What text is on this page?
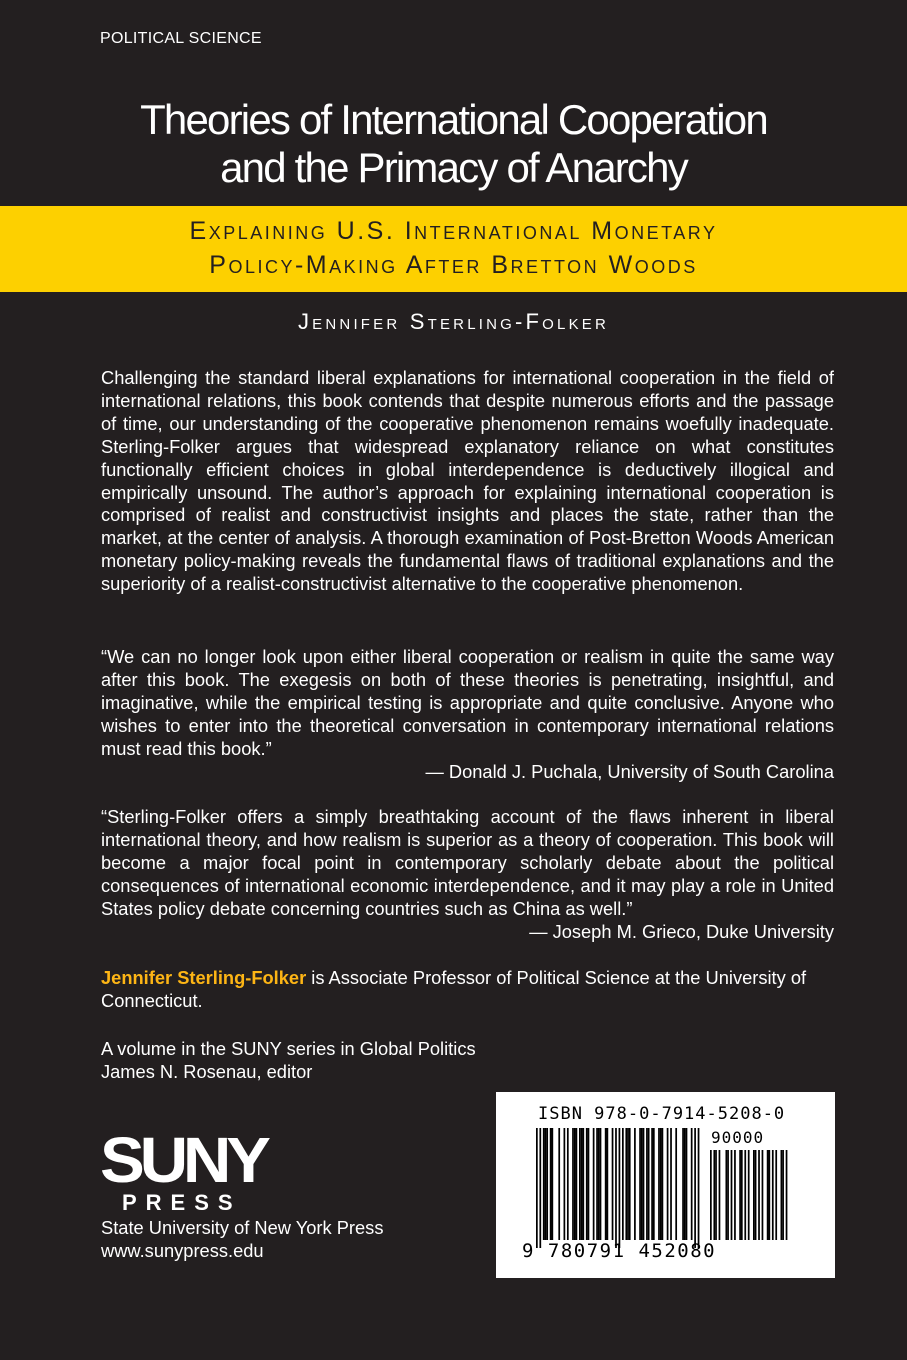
POLITICAL SCIENCE
Theories of International Cooperation
and the Primacy of Anarchy
Explaining U.S. International Monetary
Policy-Making After Bretton Woods
Jennifer Sterling-Folker
Challenging the standard liberal explanations for international cooperation in the field of international relations, this book contends that despite numerous efforts and the passage of time, our understanding of the cooperative phenomenon remains woefully inadequate. Sterling-Folker argues that widespread explanatory reliance on what constitutes functionally efficient choices in global interdependence is deductively illogical and empirically unsound. The author’s approach for explaining international cooperation is comprised of realist and constructivist insights and places the state, rather than the market, at the center of analysis. A thorough examination of Post-Bretton Woods American monetary policy-making reveals the fundamental flaws of traditional explanations and the superiority of a realist-constructivist alternative to the cooperative phenomenon.
“We can no longer look upon either liberal cooperation or realism in quite the same way after this book. The exegesis on both of these theories is penetrating, insightful, and imaginative, while the empirical testing is appropriate and quite conclusive. Anyone who wishes to enter into the theoretical conversation in contemporary international relations must read this book.”
— Donald J. Puchala, University of South Carolina
“Sterling-Folker offers a simply breathtaking account of the flaws inherent in liberal international theory, and how realism is superior as a theory of cooperation. This book will become a major focal point in contemporary scholarly debate about the political consequences of international economic interdependence, and it may play a role in United States policy debate concerning countries such as China as well.”
— Joseph M. Grieco, Duke University
Jennifer Sterling-Folker is Associate Professor of Political Science at the University of Connecticut.
A volume in the SUNY series in Global Politics
James N. Rosenau, editor
SUNY
PRESS
State University of New York Press
www.sunypress.edu
ISBN 978-0-7914-5208-0
90000
9 780791 452080
